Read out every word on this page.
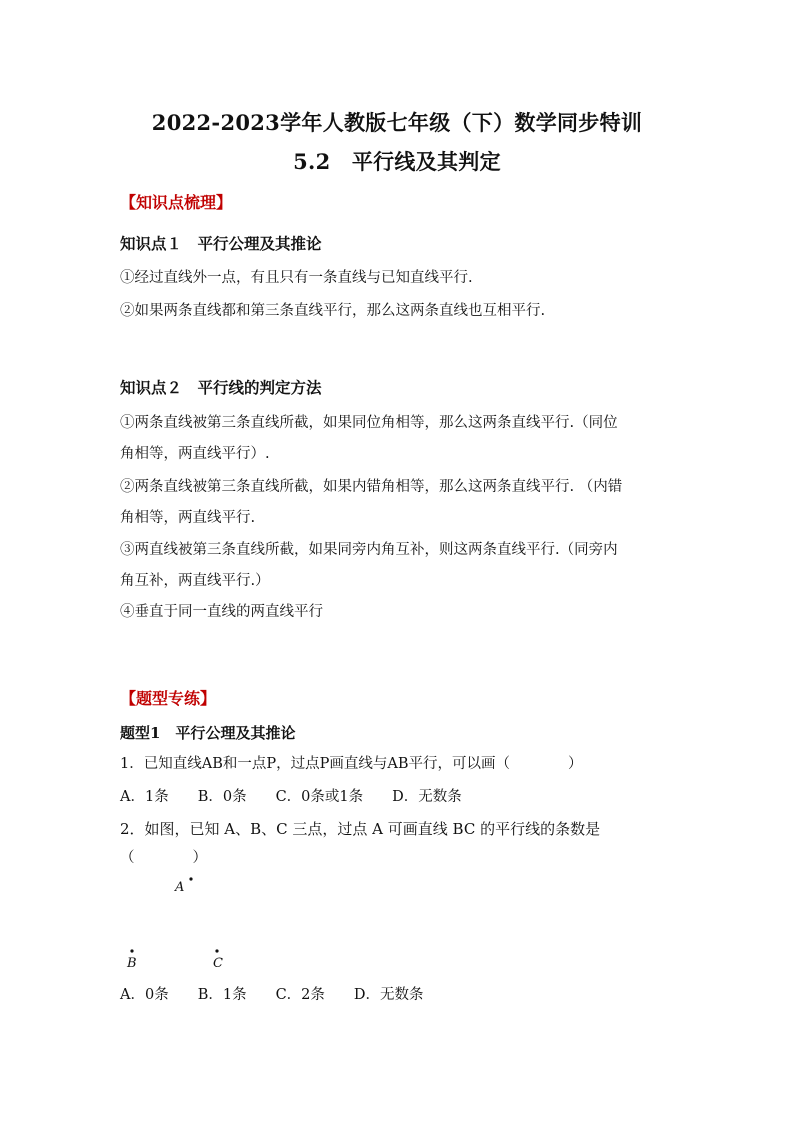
2022-2023学年人教版七年级（下）数学同步特训
5.2　平行线及其判定
【知识点梳理】
知识点１　平行公理及其推论
①经过直线外一点，有且只有一条直线与已知直线平行.
②如果两条直线都和第三条直线平行，那么这两条直线也互相平行.
知识点２　平行线的判定方法
①两条直线被第三条直线所截，如果同位角相等，那么这两条直线平行.（同位
角相等，两直线平行）.
②两条直线被第三条直线所截，如果内错角相等，那么这两条直线平行. （内错
角相等，两直线平行.
③两直线被第三条直线所截，如果同旁内角互补，则这两条直线平行.（同旁内
角互补，两直线平行.）
④垂直于同一直线的两直线平行
【题型专练】
题型1　平行公理及其推论
1．已知直线AB和一点P，过点P画直线与AB平行，可以画（　　　　）
A．1条　　B．0条　　C．0条或1条　　D．无数条
2．如图，已知 A、B、C 三点，过点 A 可画直线 BC 的平行线的条数是
（　　　　）
A
B	C
A．0条　　B．1条　　C．2条　　D．无数条
